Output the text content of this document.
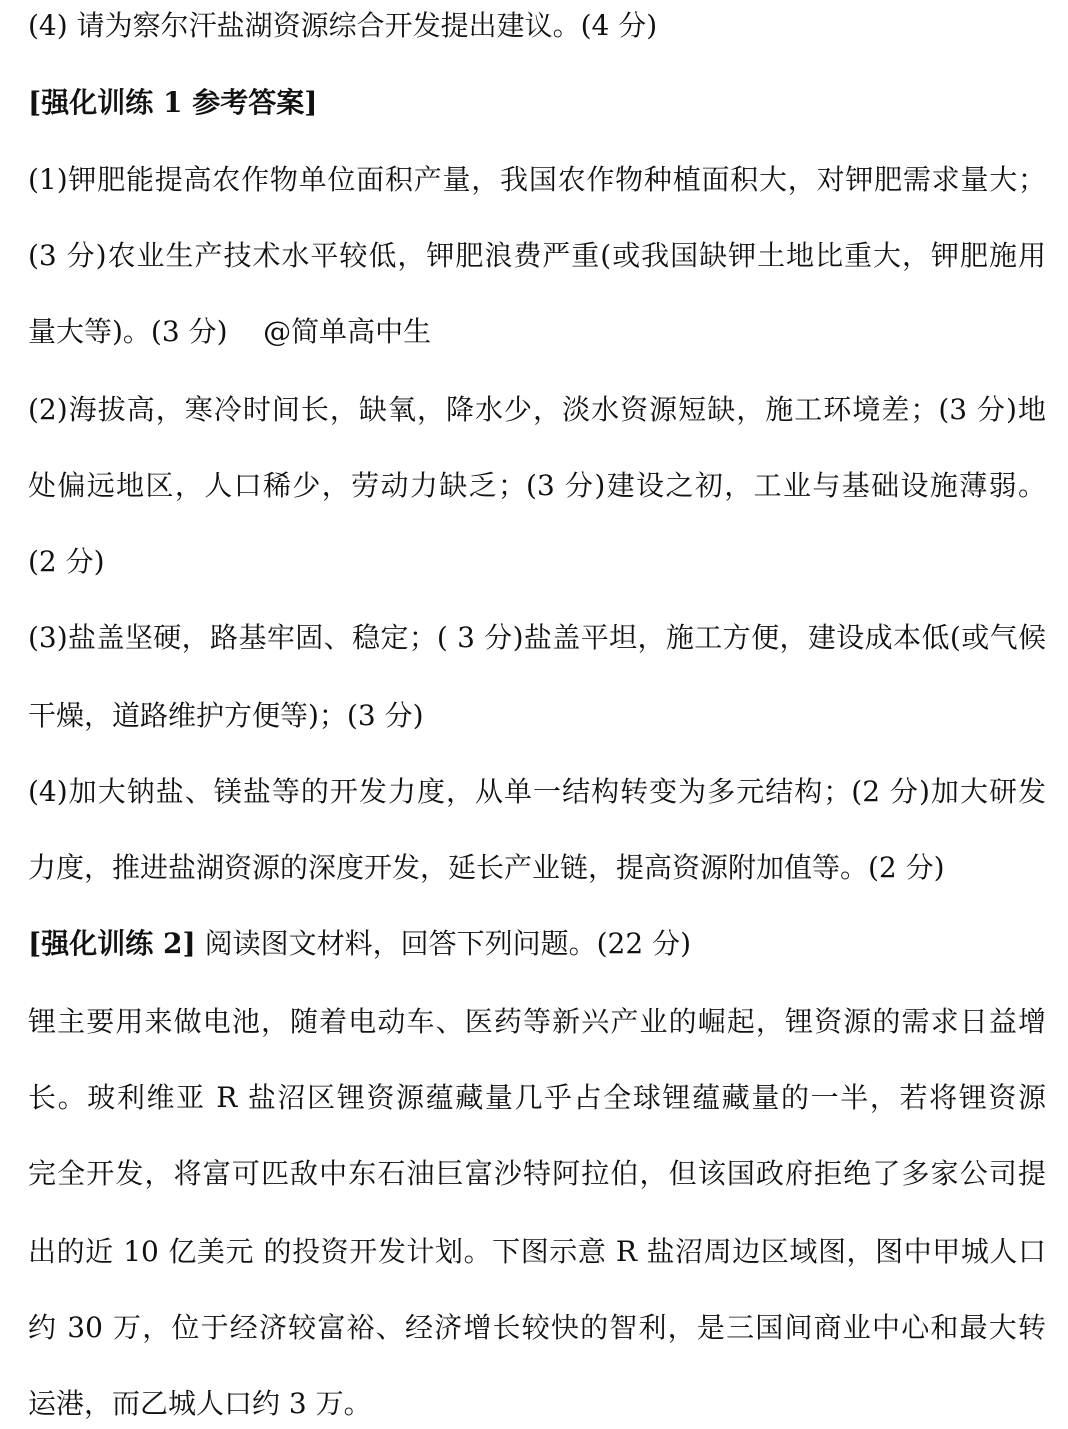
(4) 请为察尔汗盐湖资源综合开发提出建议。(4 分)
[强化训练 1 参考答案]
(1)钾肥能提高农作物单位面积产量，我国农作物种植面积大，对钾肥需求量大；
(3 分)农业生产技术水平较低，钾肥浪费严重(或我国缺钾土地比重大，钾肥施用
量大等)。(3 分)    @简单高中生
(2)海拔高，寒冷时间长，缺氧，降水少，淡水资源短缺，施工环境差；(3 分)地
处偏远地区，人口稀少，劳动力缺乏；(3 分)建设之初，工业与基础设施薄弱。
(2 分)
(3)盐盖坚硬，路基牢固、稳定；( 3 分)盐盖平坦，施工方便，建设成本低(或气候
干燥，道路维护方便等)；(3 分)
(4)加大钠盐、镁盐等的开发力度，从单一结构转变为多元结构；(2 分)加大研发
力度，推进盐湖资源的深度开发，延长产业链，提高资源附加值等。(2 分)
[强化训练 2] 阅读图文材料，回答下列问题。(22 分)
锂主要用来做电池，随着电动车、医药等新兴产业的崛起，锂资源的需求日益增
长。玻利维亚 R 盐沼区锂资源蕴藏量几乎占全球锂蕴藏量的一半，若将锂资源
完全开发，将富可匹敌中东石油巨富沙特阿拉伯，但该国政府拒绝了多家公司提
出的近 10 亿美元 的投资开发计划。下图示意 R 盐沼周边区域图，图中甲城人口
约 30 万，位于经济较富裕、经济增长较快的智利，是三国间商业中心和最大转
运港，而乙城人口约 3 万。
